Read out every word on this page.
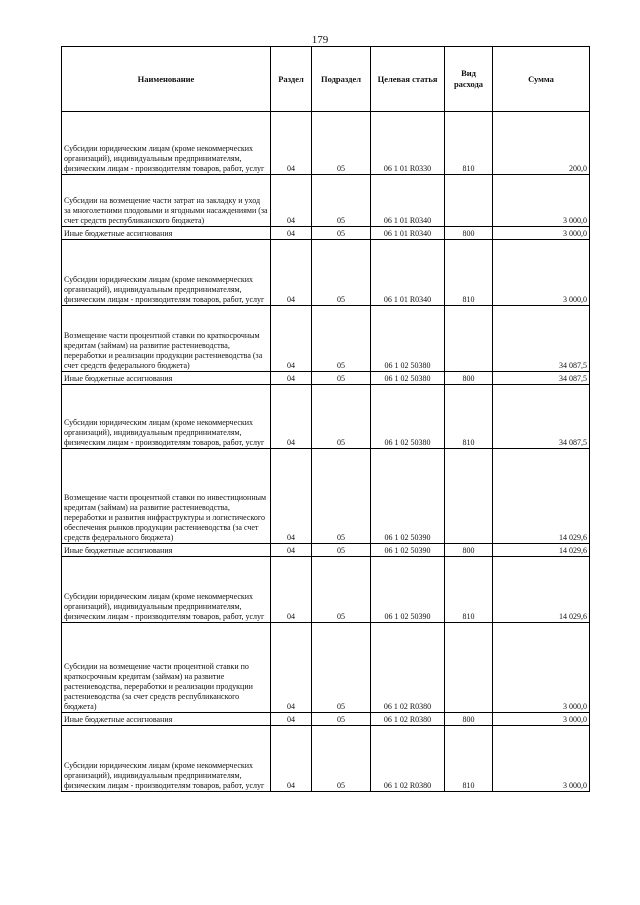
179
Наименование	Раздел	Подраздел	Целевая статья	Вид расхода	Сумма
Субсидии юридическим лицам (кроме некоммерческих организаций), индивидуальным предпринимателям, физическим лицам - производителям товаров, работ, услуг	04	05	06 1 01 R0330	810	200,0
Субсидии на возмещение части затрат на закладку и уход за многолетними плодовыми и ягодными насаждениями (за счет средств республиканского бюджета)	04	05	06 1 01 R0340		3 000,0
Иные бюджетные ассигнования	04	05	06 1 01 R0340	800	3 000,0
Субсидии юридическим лицам (кроме некоммерческих организаций), индивидуальным предпринимателям, физическим лицам - производителям товаров, работ, услуг	04	05	06 1 01 R0340	810	3 000,0
Возмещение части процентной ставки по краткосрочным кредитам (займам) на развитие растениеводства, переработки и реализации продукции растениеводства (за счет средств федерального бюджета)	04	05	06 1 02 50380		34 087,5
Иные бюджетные ассигнования	04	05	06 1 02 50380	800	34 087,5
Субсидии юридическим лицам (кроме некоммерческих организаций), индивидуальным предпринимателям, физическим лицам - производителям товаров, работ, услуг	04	05	06 1 02 50380	810	34 087,5
Возмещение части процентной ставки по инвестиционным кредитам (займам) на развитие растениеводства, переработки и развития инфраструктуры и логистического обеспечения рынков продукции растениеводства (за счет средств федерального бюджета)	04	05	06 1 02 50390		14 029,6
Иные бюджетные ассигнования	04	05	06 1 02 50390	800	14 029,6
Субсидии юридическим лицам (кроме некоммерческих организаций), индивидуальным предпринимателям, физическим лицам - производителям товаров, работ, услуг	04	05	06 1 02 50390	810	14 029,6
Субсидии на возмещение части процентной ставки по краткосрочным кредитам (займам) на развитие растениеводства, переработки и реализации продукции растениеводства (за счет средств республиканского бюджета)	04	05	06 1 02 R0380		3 000,0
Иные бюджетные ассигнования	04	05	06 1 02 R0380	800	3 000,0
Субсидии юридическим лицам (кроме некоммерческих организаций), индивидуальным предпринимателям, физическим лицам - производителям товаров, работ, услуг	04	05	06 1 02 R0380	810	3 000,0
